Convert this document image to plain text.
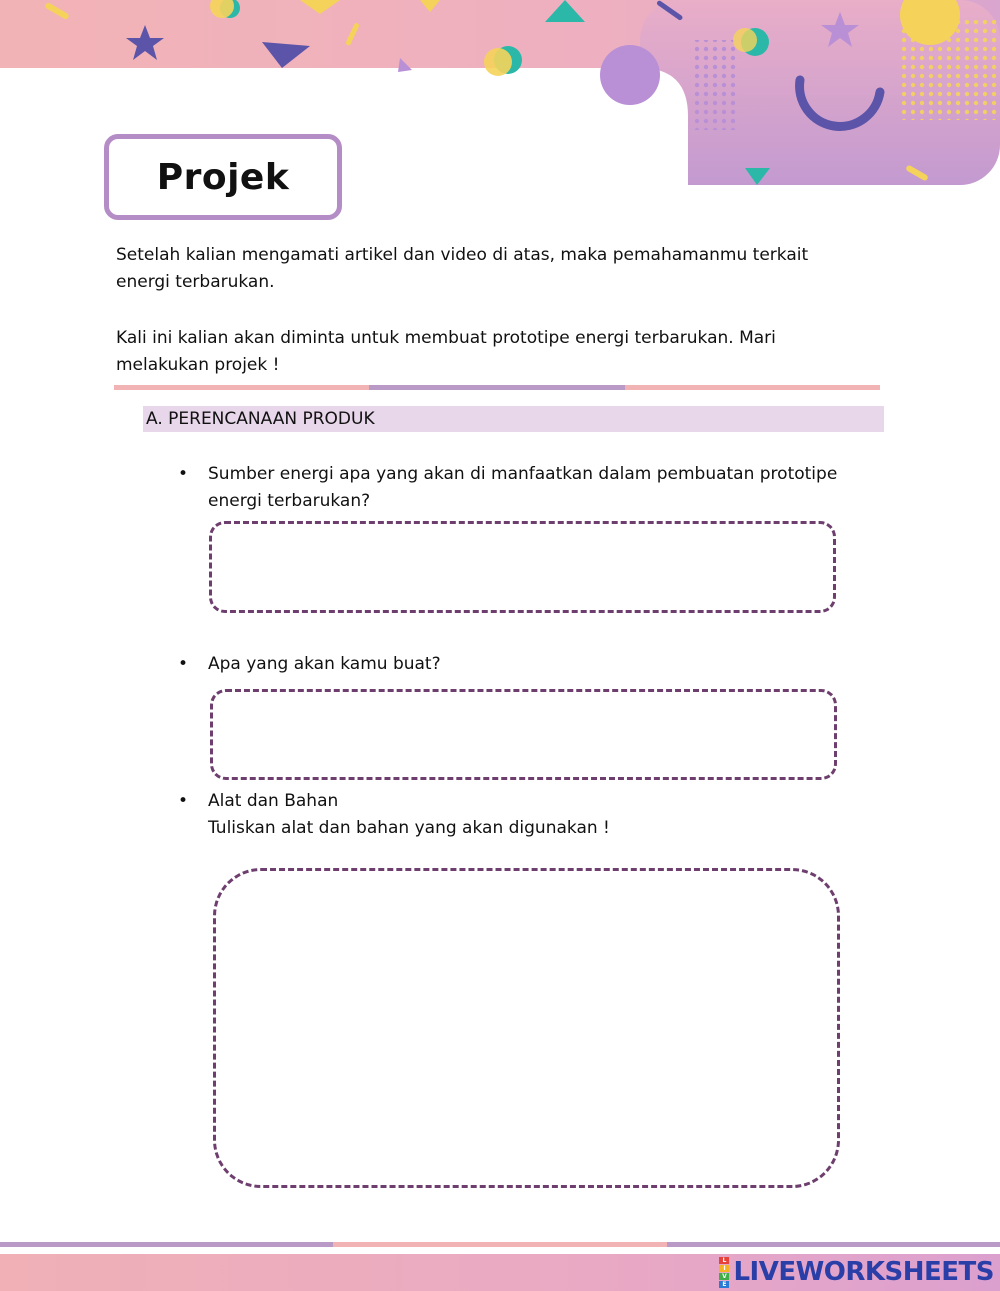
Projek
Setelah kalian mengamati artikel dan video di atas, maka pemahamanmu terkait energi terbarukan.
Kali ini kalian akan diminta untuk membuat prototipe energi terbarukan. Mari melakukan projek !
A. PERENCANAAN PRODUK
• Sumber energi apa yang akan di manfaatkan dalam pembuatan prototipe energi terbarukan?
• Apa yang akan kamu buat?
• Alat dan Bahan
Tuliskan alat dan bahan yang akan digunakan !
L
I
V
E LIVEWORKSHEETS
